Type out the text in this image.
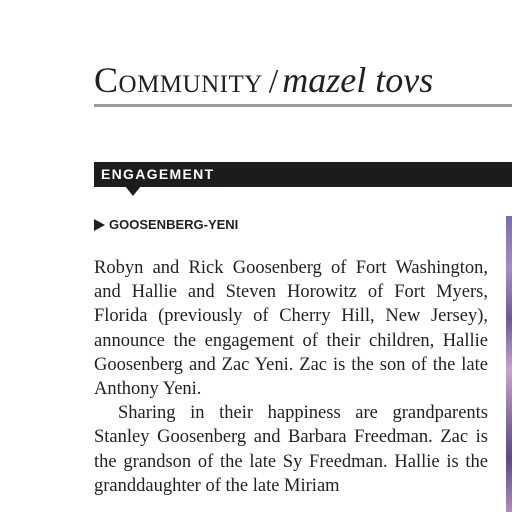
Community / mazel tovs
ENGAGEMENT
GOOSENBERG-YENI

Robyn and Rick Goosenberg of Fort Washington, and Hallie and Steven Horowitz of Fort Myers, Florida (previously of Cherry Hill, New Jersey), announce the engagement of their children, Hallie Goosenberg and Zac Yeni. Zac is the son of the late Anthony Yeni.

Sharing in their happiness are grandparents Stanley Goosenberg and Barbara Freedman. Zac is the grandson of the late Sy Freedman. Hallie is the granddaughter of the late Miriam
